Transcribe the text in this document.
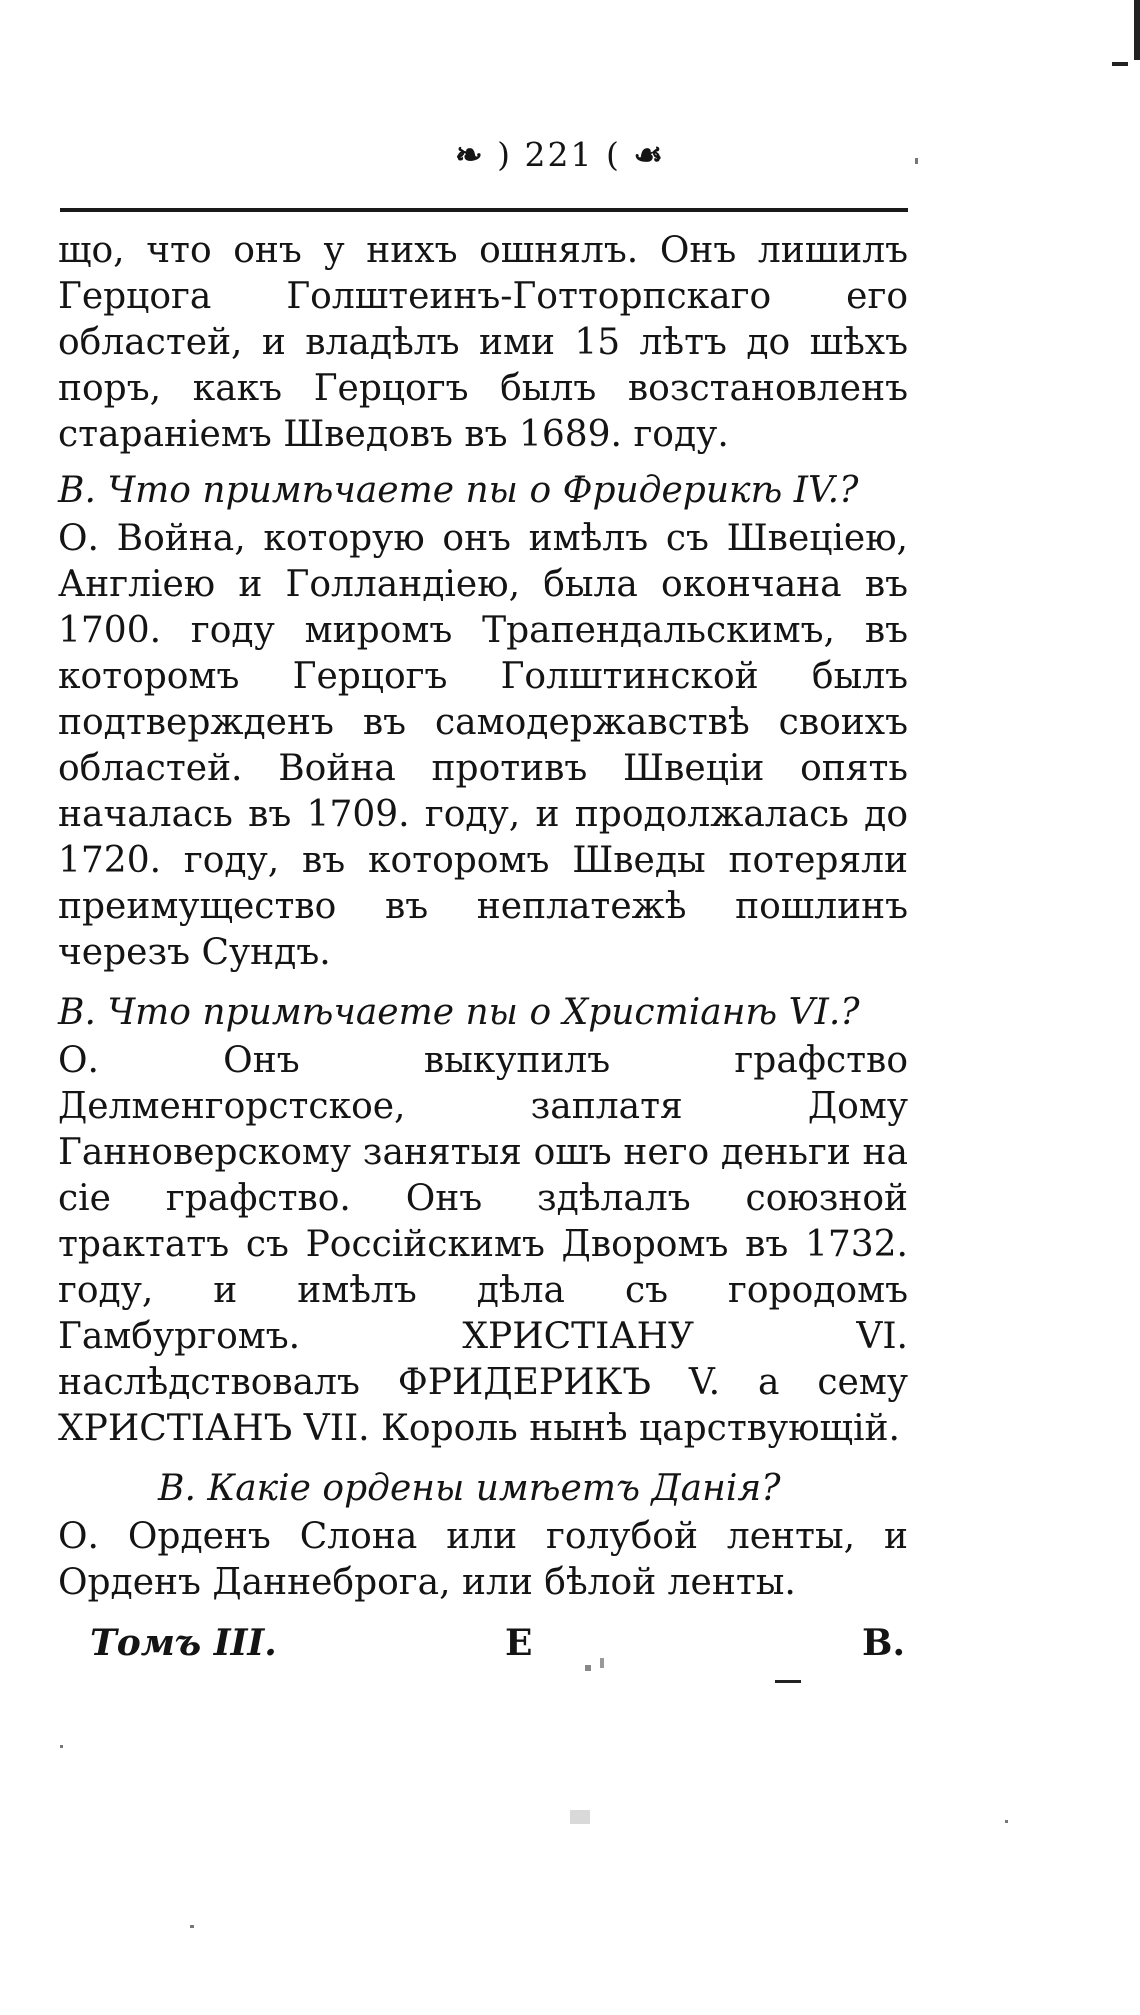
❧ ) 221 ( ☙

що, что онъ у нихъ ошнялъ. Онъ лишилъ Герцога Голштеинъ-Готторпскаго его областей, и владѣлъ ими 15 лѣтъ до шѣхъ поръ, какъ Герцогъ былъ возстановленъ стараніемъ Шведовъ въ 1689. году.

В. Что примѣчаете пы о Фридерикѣ IV.?

О. Война, которую онъ имѣлъ съ Швеціею, Англіею и Голландіею, была окончана въ 1700. году миромъ Трапендальскимъ, въ которомъ Герцогъ Голштинской былъ подтвержденъ въ самодержавствѣ своихъ областей. Война противъ Швеціи опять началась въ 1709. году, и продолжалась до 1720. году, въ которомъ Шведы потеряли преимущество въ неплатежѣ пошлинъ черезъ Сундъ.

В. Что примѣчаете пы о Христіанѣ VI.?

О. Онъ выкупилъ графство Делменгорстское, заплатя Дому Ганноверскому занятыя ошъ него деньги на сіе графство. Онъ здѣлалъ союзной трактатъ съ Россійскимъ Дворомъ въ 1732. году, и имѣлъ дѣла съ городомъ Гамбургомъ. ХРИСТІАНУ VI. наслѣдствовалъ ФРИДЕРИКЪ V. а сему ХРИСТІАНЪ VII. Король нынѣ царствующій.

В. Какіе ордены имѣетъ Данія?

О. Орденъ Слона или голубой ленты, и Орденъ Даннеброга, или бѣлой ленты.

Томъ III.	Е	В.
